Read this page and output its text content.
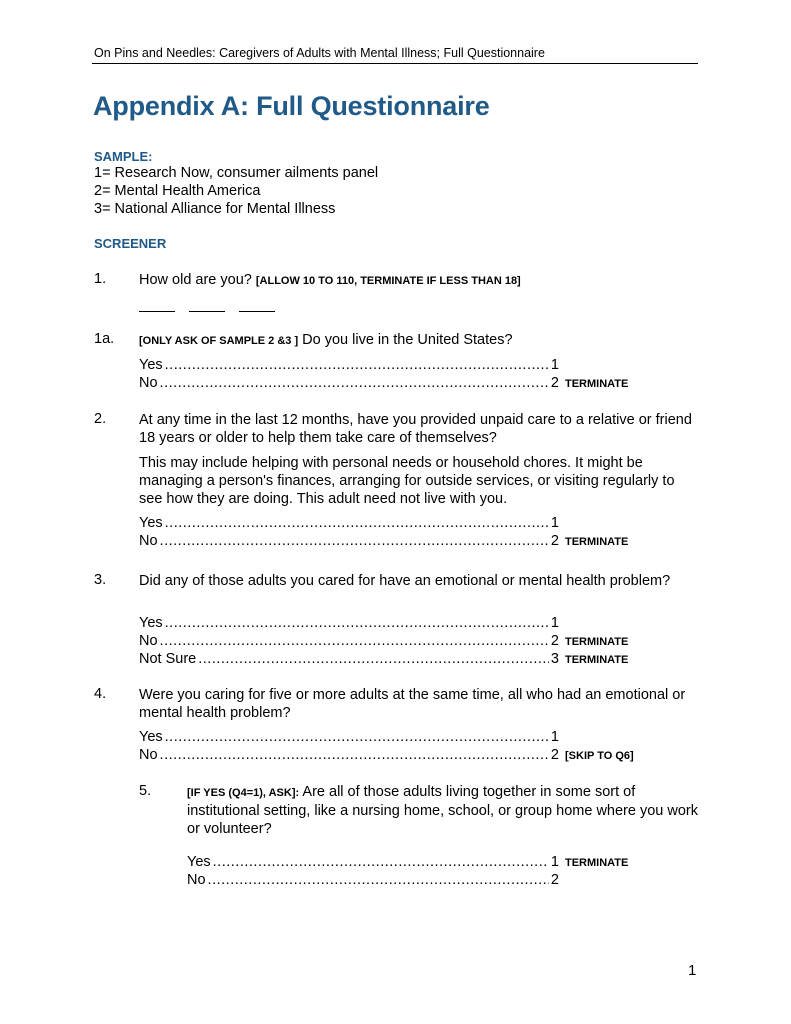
On Pins and Needles: Caregivers of Adults with Mental Illness; Full Questionnaire
Appendix A: Full Questionnaire
SAMPLE:
1= Research Now, consumer ailments panel
2= Mental Health America
3= National Alliance for Mental Illness
SCREENER
1. How old are you? [ALLOW 10 TO 110, TERMINATE IF LESS THAN 18]
1a. [ONLY ASK OF SAMPLE 2 &3 ] Do you live in the United States?
Yes .....	1
No .....	2 TERMINATE
2. At any time in the last 12 months, have you provided unpaid care to a relative or friend 18 years or older to help them take care of themselves?
This may include helping with personal needs or household chores. It might be managing a person's finances, arranging for outside services, or visiting regularly to see how they are doing. This adult need not live with you.
Yes .....	1
No .....	2 TERMINATE
3. Did any of those adults you cared for have an emotional or mental health problem?
Yes .....	1
No .....	2 TERMINATE
Not Sure .....	3 TERMINATE
4. Were you caring for five or more adults at the same time, all who had an emotional or mental health problem?
Yes .....	1
No .....	2 [SKIP TO Q6]
5.	[IF YES (Q4=1), ASK]: Are all of those adults living together in some sort of institutional setting, like a nursing home, school, or group home where you work or volunteer?
Yes .....	1 TERMINATE
No .....	2
1
